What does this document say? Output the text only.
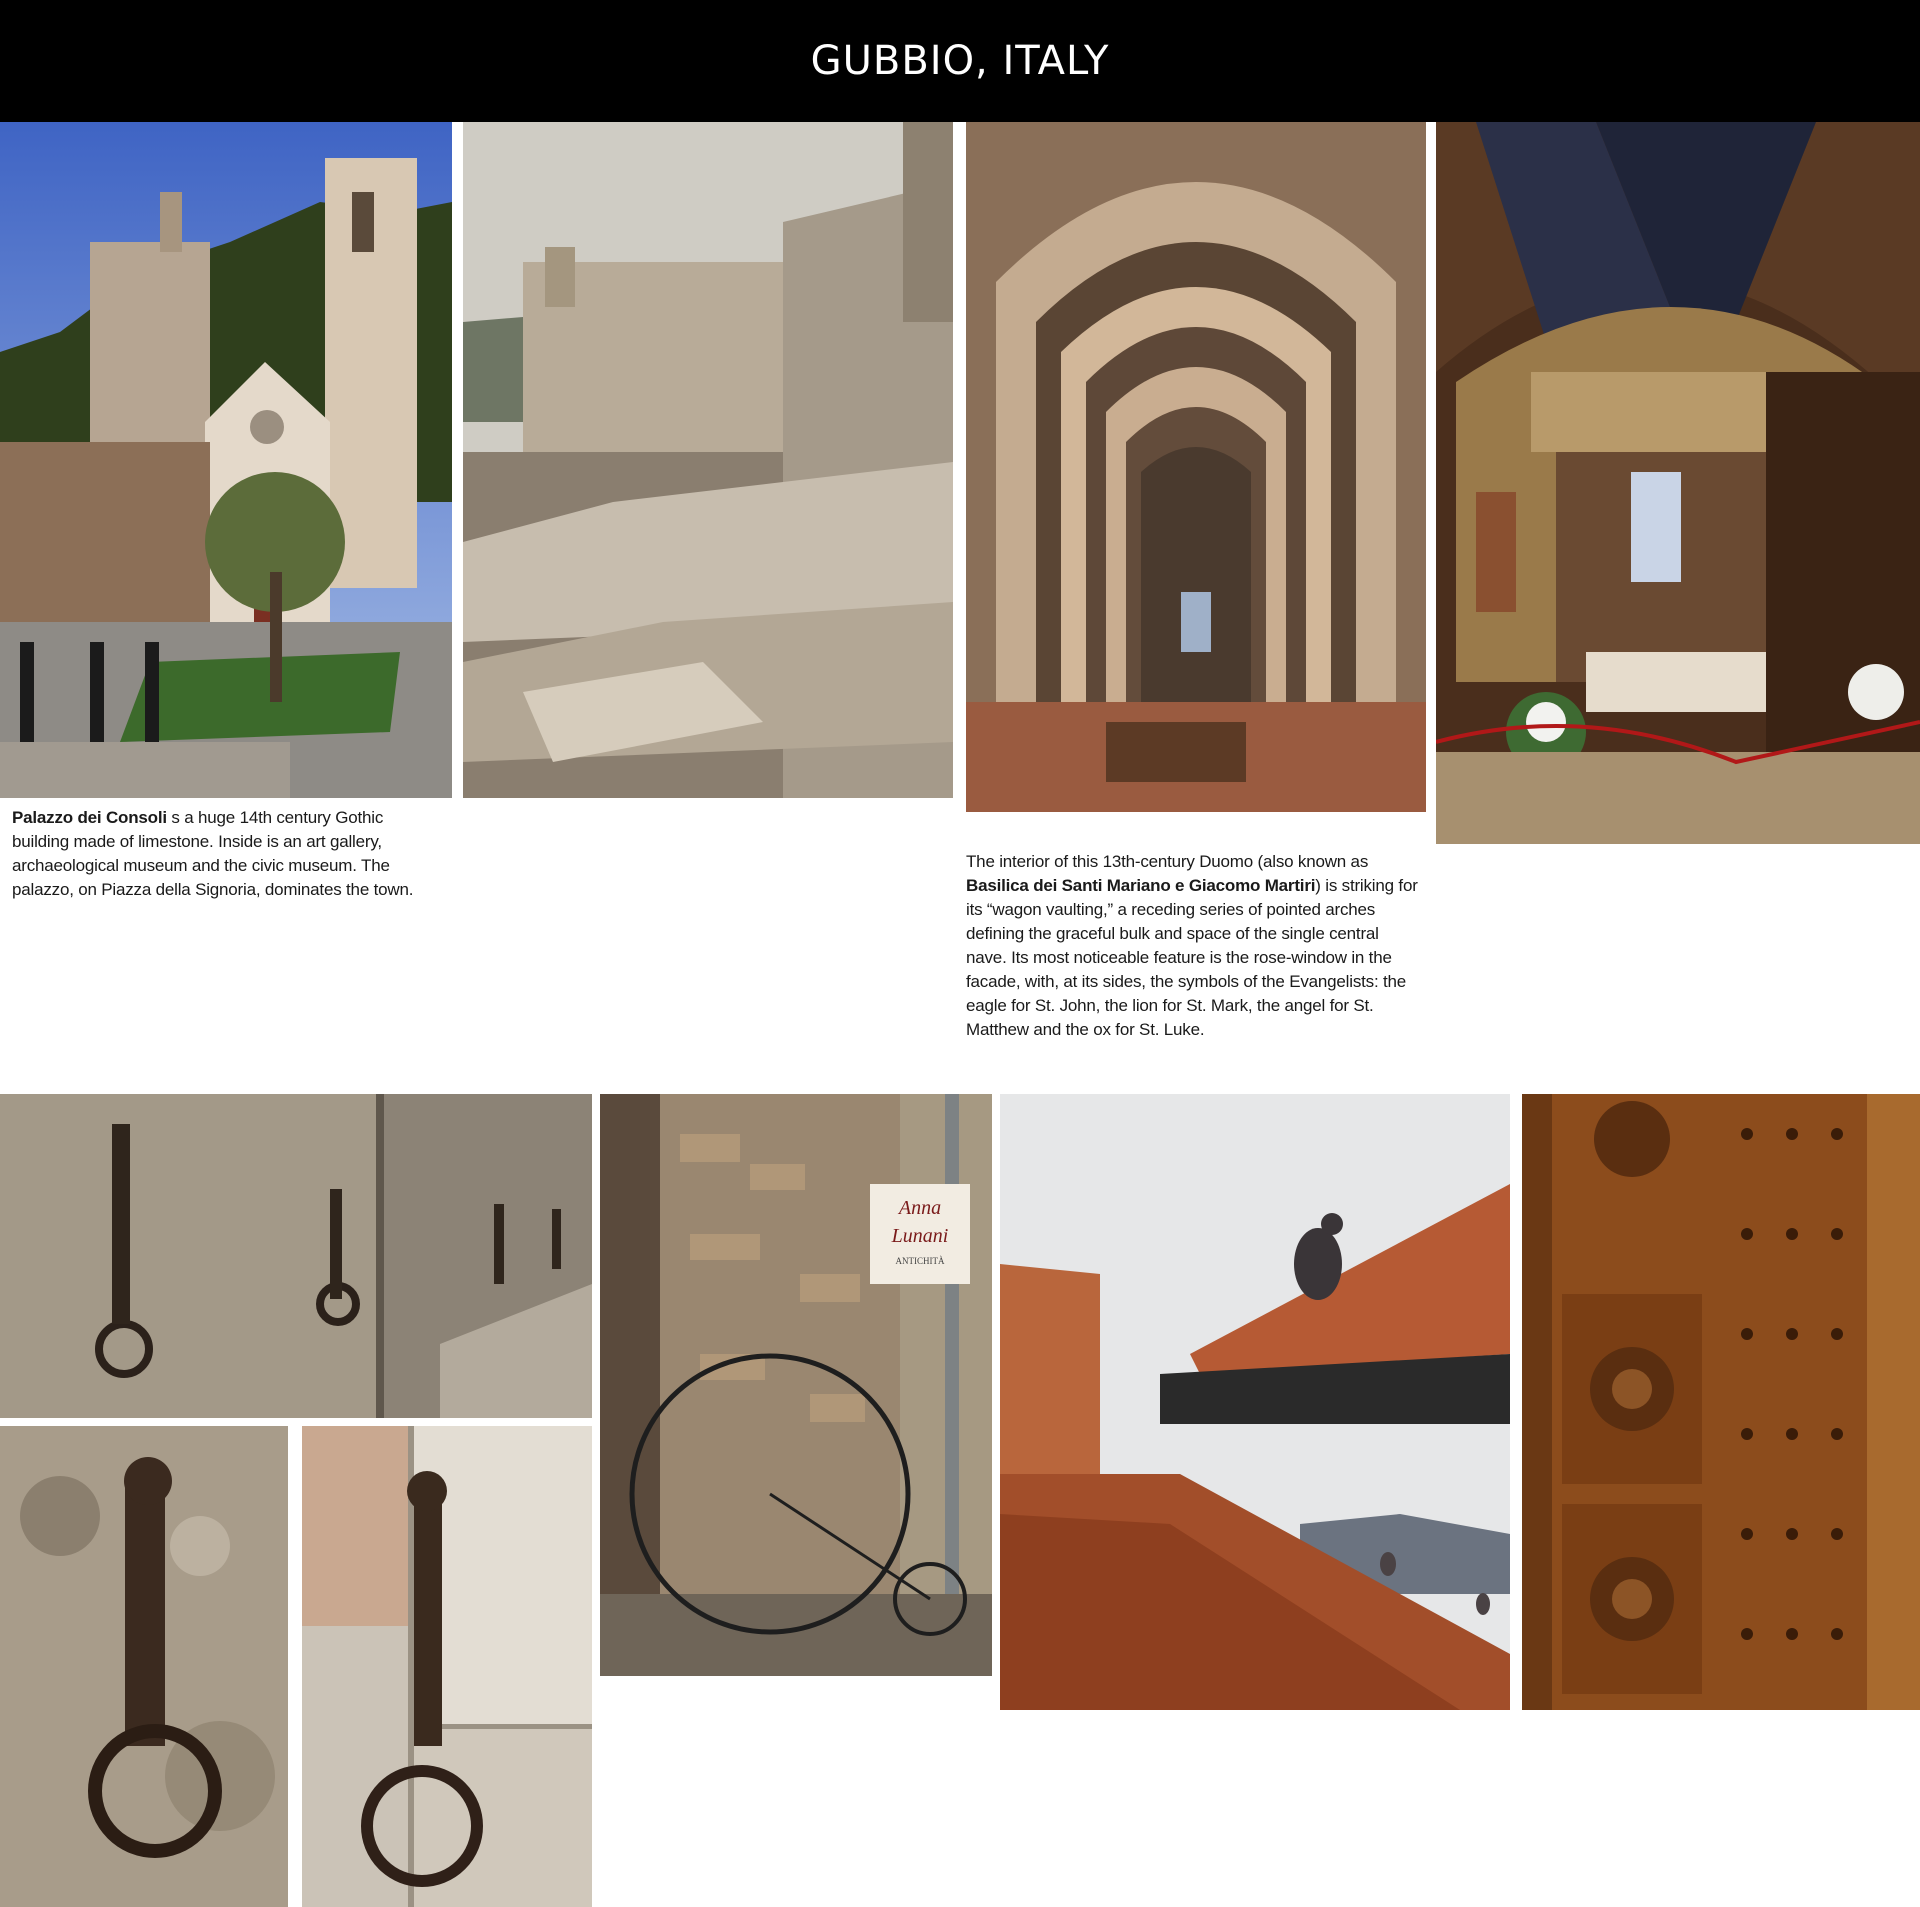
GUBBIO, ITALY
Palazzo dei Consoli s a huge 14th century Gothic building made of limestone. Inside is an art gallery, archaeological museum and the civic museum. The palazzo, on Piazza della Signoria, dominates the town.
The interior of this 13th-century Duomo (also known as Basilica dei Santi Mariano e Giacomo Martiri) is striking for its “wagon vaulting,” a receding series of pointed arches defining the graceful bulk and space of the single central nave. Its most noticeable feature is the rose-window in the facade, with, at its sides, the symbols of the Evangelists: the eagle for St. John, the lion for St. Mark, the angel for St. Matthew and the ox for St. Luke.
Anna
Lunani
ANTICHITÀ
